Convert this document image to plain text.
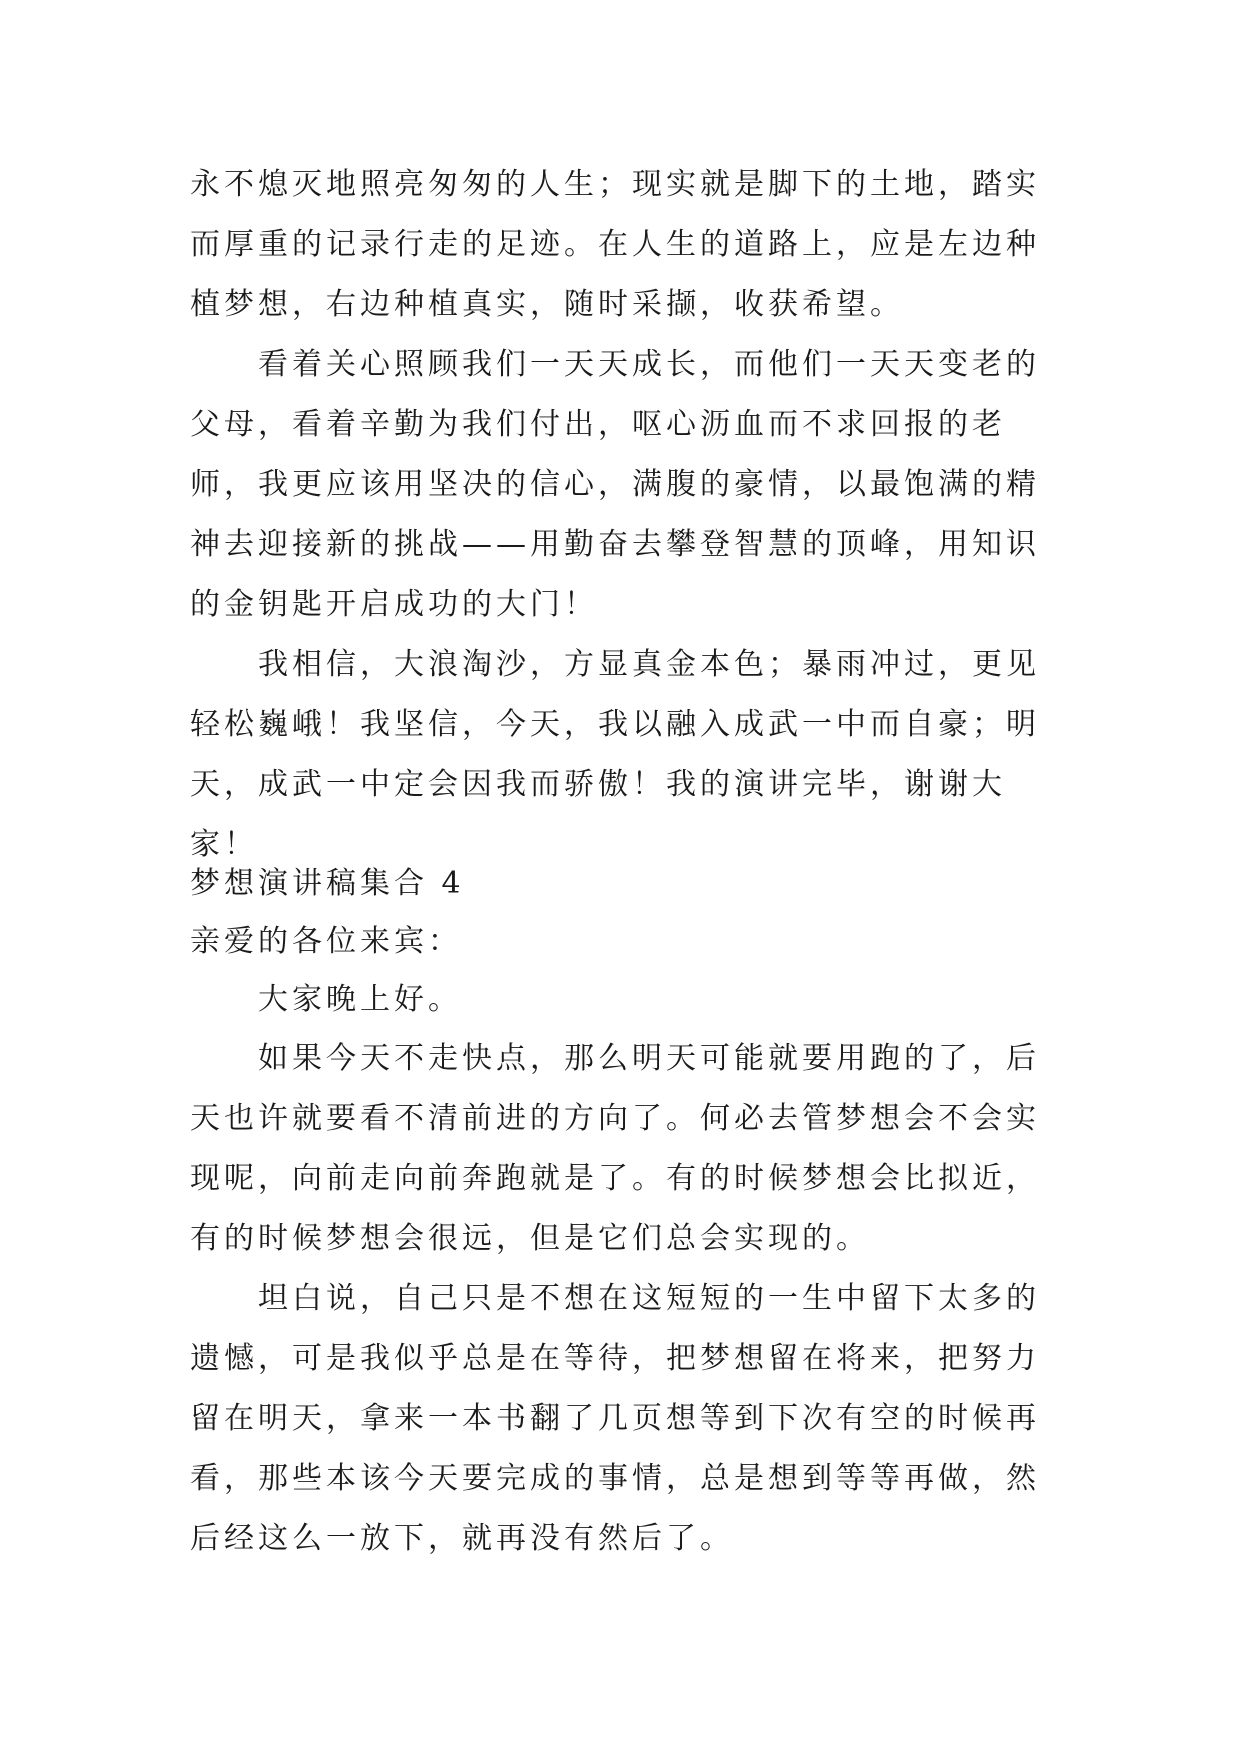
永不熄灭地照亮匆匆的人生；现实就是脚下的土地，踏实而厚重的记录行走的足迹。在人生的道路上，应是左边种植梦想，右边种植真实，随时采撷，收获希望。

看着关心照顾我们一天天成长，而他们一天天变老的父母，看着辛勤为我们付出，呕心沥血而不求回报的老师，我更应该用坚决的信心，满腹的豪情，以最饱满的精神去迎接新的挑战——用勤奋去攀登智慧的顶峰，用知识的金钥匙开启成功的大门！

我相信，大浪淘沙，方显真金本色；暴雨冲过，更见轻松巍峨！我坚信，今天，我以融入成武一中而自豪；明天，成武一中定会因我而骄傲！我的演讲完毕，谢谢大家！

梦想演讲稿集合 4

亲爱的各位来宾：

大家晚上好。

如果今天不走快点，那么明天可能就要用跑的了，后天也许就要看不清前进的方向了。何必去管梦想会不会实现呢，向前走向前奔跑就是了。有的时候梦想会比拟近，有的时候梦想会很远，但是它们总会实现的。

坦白说，自己只是不想在这短短的一生中留下太多的遗憾，可是我似乎总是在等待，把梦想留在将来，把努力留在明天，拿来一本书翻了几页想等到下次有空的时候再看，那些本该今天要完成的事情，总是想到等等再做，然后经这么一放下，就再没有然后了。
